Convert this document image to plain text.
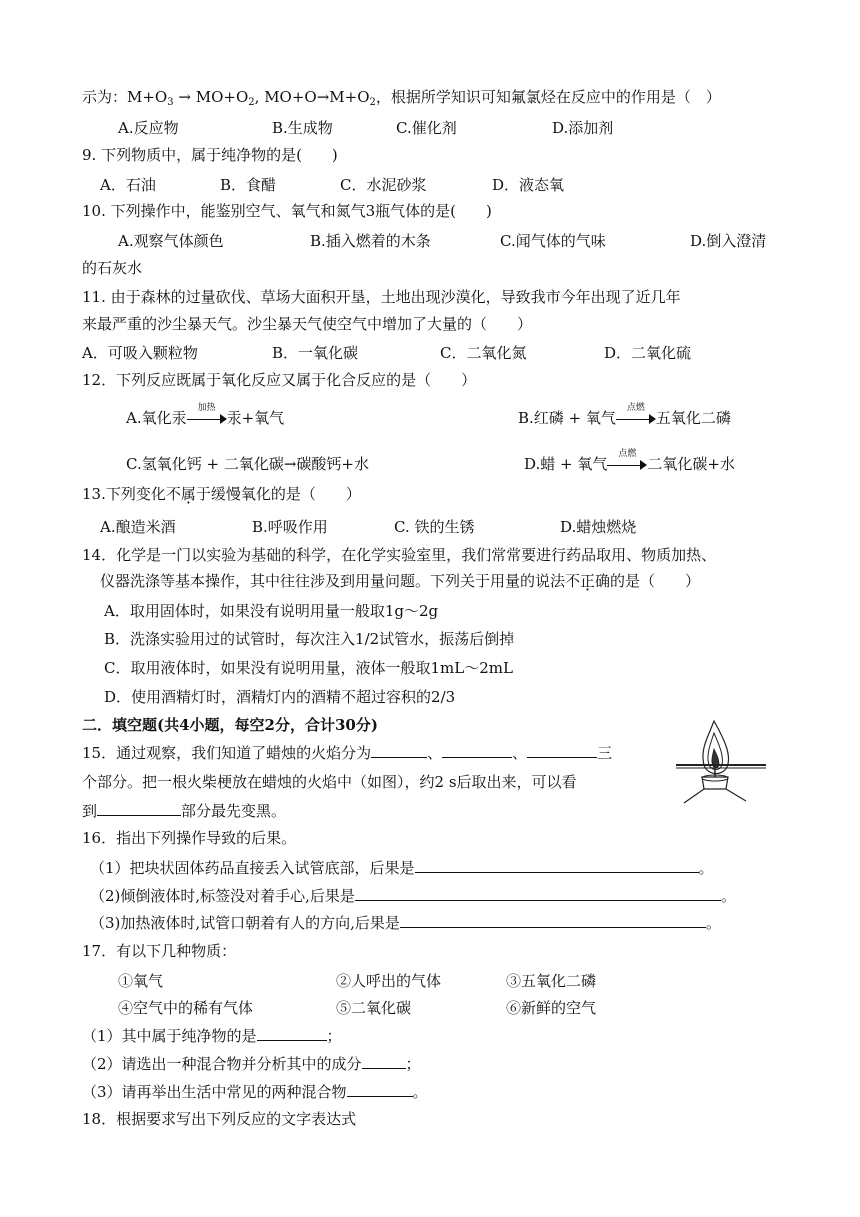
示为：$M+O_3 \to MO+O_2$, $MO+O\to M+O_2$，根据所学知识可知氟氯烃在反应中的作用是（　）
A.反应物	B.生成物	C.催化剂	D.添加剂
9. 下列物质中，属于纯净物的是(　　)
A．石油	B．食醋	C．水泥砂浆	D．液态氧
10. 下列操作中，能鉴别空气、氧气和氮气3瓶气体的是(　　)
A.观察气体颜色	B.插入燃着的木条	C.闻气体的气味	D.倒入澄清
的石灰水
11. 由于森林的过量砍伐、草场大面积开垦，土地出现沙漠化，导致我市今年出现了近几年
来最严重的沙尘暴天气。沙尘暴天气使空气中增加了大量的（　　）
A．可吸入颗粒物	B．一氧化碳	C．二氧化氮	D．二氧化硫
12．下列反应既属于氧化反应又属于化合反应的是（　　）
A.氧化汞
加热
汞+氧气	B.红磷 + 氧气
点燃
五氧化二磷
C.氢氧化钙 + 二氧化碳→碳酸钙+水	D.蜡 + 氧气
点燃
二氧化碳+水
13.下列变化不属于缓慢氧化的是（　　）
A.酿造米酒	B.呼吸作用	C. 铁的生锈	D.蜡烛燃烧
14．化学是一门以实验为基础的科学，在化学实验室里，我们常常要进行药品取用、物质加热、
仪器洗涤等基本操作，其中往往涉及到用量问题。下列关于用量的说法不正确的是（　　）
A．取用固体时，如果没有说明用量一般取1g～2g
B．洗涤实验用过的试管时，每次注入1/2试管水，振荡后倒掉
C．取用液体时，如果没有说明用量，液体一般取1mL～2mL
D．使用酒精灯时，酒精灯内的酒精不超过容积的2/3
二．填空题(共4小题，每空2分，合计30分)
15．通过观察，我们知道了蜡烛的火焰分为	、	、	三
个部分。把一根火柴梗放在蜡烛的火焰中（如图），约2 s后取出来，可以看
到	部分最先变黑。
16．指出下列操作导致的后果。
（1）把块状固体药品直接丢入试管底部，后果是	。
（2)倾倒液体时,标签没对着手心,后果是	。
（3)加热液体时,试管口朝着有人的方向,后果是	。
17．有以下几种物质：
①氧气	②人呼出的气体	③五氧化二磷
④空气中的稀有气体	⑤二氧化碳	⑥新鲜的空气
（1）其中属于纯净物的是	；
（2）请选出一种混合物并分析其中的成分	；
（3）请再举出生活中常见的两种混合物	。
18．根据要求写出下列反应的文字表达式
